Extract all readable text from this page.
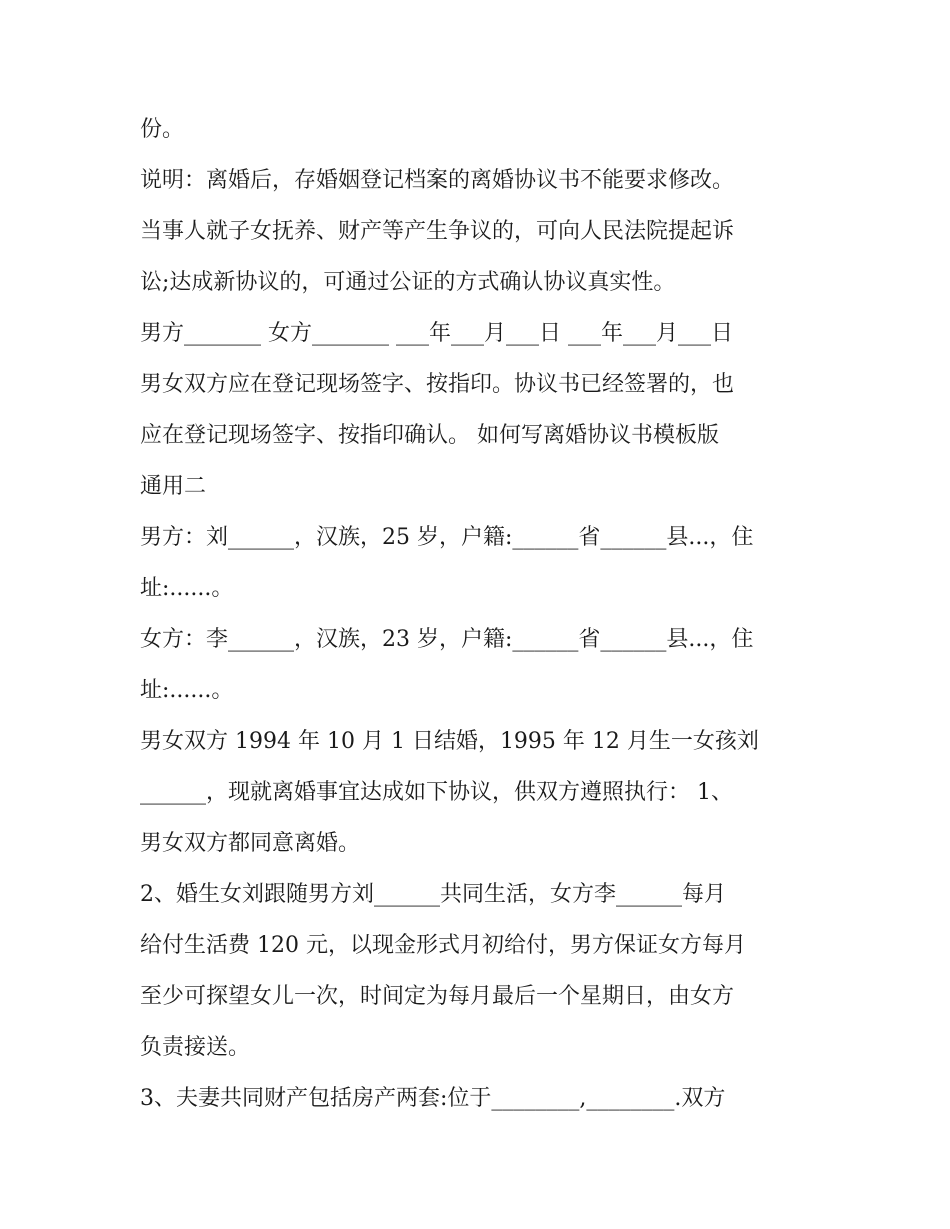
份。
说明：离婚后，存婚姻登记档案的离婚协议书不能要求修改。
当事人就子女抚养、财产等产生争议的，可向人民法院提起诉
讼;达成新协议的，可通过公证的方式确认协议真实性。
男方_______ 女方_______ ___年___月___日 ___年___月___日
男女双方应在登记现场签字、按指印。协议书已经签署的，也
应在登记现场签字、按指印确认。 如何写离婚协议书模板版
通用二
男方：刘______，汉族，25 岁，户籍:______省______县...，住
址:......。
女方：李______，汉族，23 岁，户籍:______省______县...，住
址:......。
男女双方 1994 年 10 月 1 日结婚，1995 年 12 月生一女孩刘
______，现就离婚事宜达成如下协议，供双方遵照执行： 1、
男女双方都同意离婚。
2、婚生女刘跟随男方刘______共同生活，女方李______每月
给付生活费 120 元，以现金形式月初给付，男方保证女方每月
至少可探望女儿一次，时间定为每月最后一个星期日，由女方
负责接送。
3、夫妻共同财产包括房产两套:位于________,________.双方
